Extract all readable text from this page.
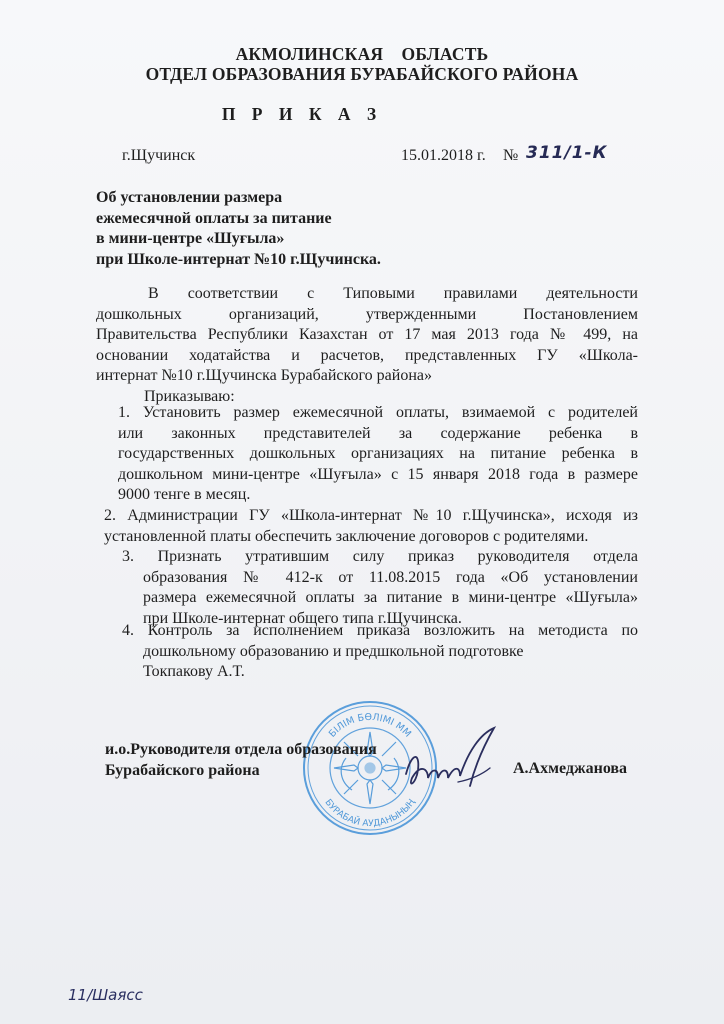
АКМОЛИНСКАЯ    ОБЛАСТЬ
ОТДЕЛ ОБРАЗОВАНИЯ БУРАБАЙСКОГО РАЙОНА
П Р И К А З
г.Щучинск	15.01.2018 г. № 311/1-К
Об установлении размера
ежемесячной оплаты за питание
в мини-центре «Шуғыла»
при Школе-интернат №10 г.Щучинска.
В соответствии с Типовыми правилами деятельности
дошкольных организаций, утвержденными Постановлением
Правительства Республики Казахстан от 17 мая 2013 года № 499, на
основании ходатайства и расчетов, представленных ГУ «Школа-
интернат №10 г.Щучинска Бурабайского района»
Приказываю:
1. Установить размер ежемесячной оплаты, взимаемой с родителей
или законных представителей за содержание ребенка в
государственных дошкольных организациях на питание ребенка в
дошкольном мини-центре «Шуғыла» с 15 января 2018 года в размере
9000 тенге в месяц.
2. Администрации ГУ «Школа-интернат №10 г.Щучинска», исходя из
установленной платы обеспечить заключение договоров с родителями.
3. Признать утратившим силу приказ руководителя отдела
образования № 412-к от 11.08.2015 года «Об установлении
размера ежемесячной оплаты за питание в мини-центре «Шуғыла»
при Школе-интернат общего типа г.Щучинска.
4. Контроль за исполнением приказа возложить на методиста по
дошкольному образованию и предшкольной подготовке
Токпакову А.Т.
БІЛІМ БӨЛІМІ ММ
БУРАБАЙ АУДАНЫНЫҢ
и.о.Руководителя отдела образования
Бурабайского района	А.Ахмеджанова
11/Шаясс
